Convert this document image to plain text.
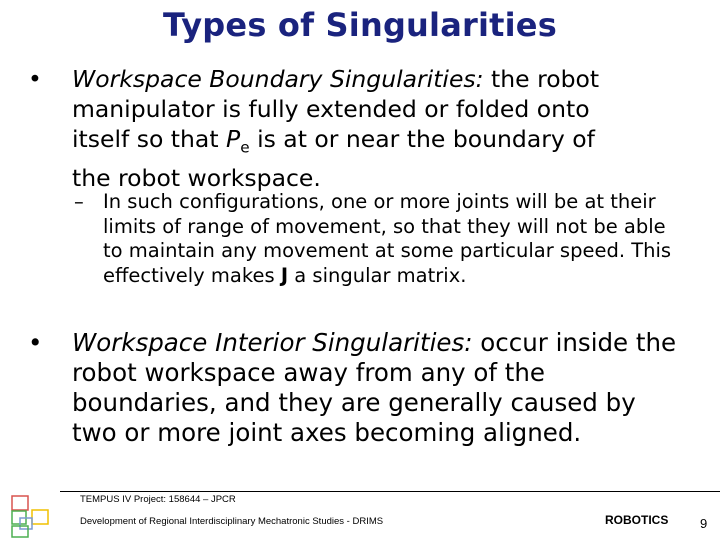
Types of Singularities
• Workspace Boundary Singularities: the robot manipulator is fully extended or folded onto itself so that $P_e$ is at or near the boundary of the robot workspace.
– In such configurations, one or more joints will be at their limits of range of movement, so that they will not be able to maintain any movement at some particular speed. This effectively makes J a singular matrix.
• Workspace Interior Singularities: occur inside the robot workspace away from any of the boundaries, and they are generally caused by two or more joint axes becoming aligned.
TEMPUS IV Project: 158644 – JPCR
Development of Regional Interdisciplinary Mechatronic Studies - DRIMS	ROBOTICS 9
